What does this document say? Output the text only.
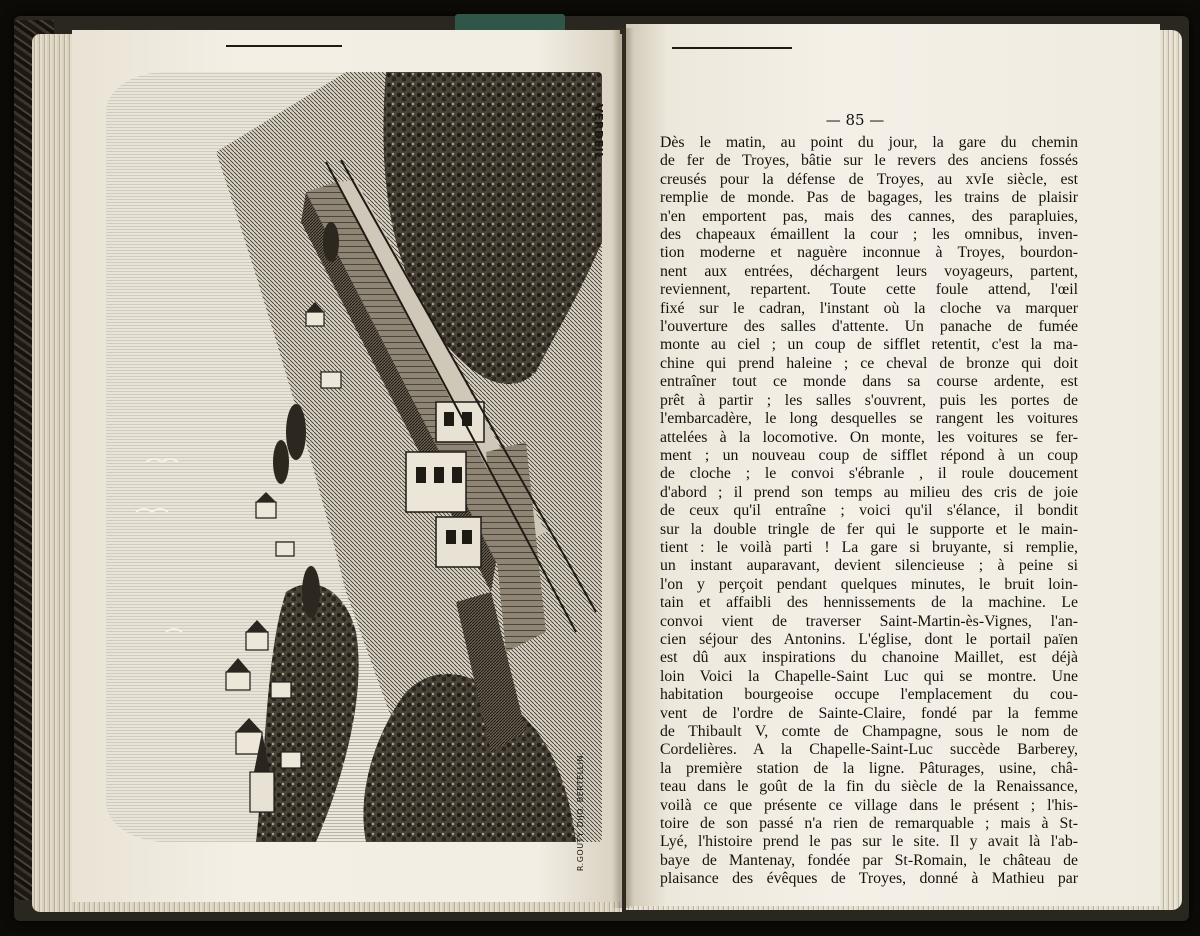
VERDEIL
R.GOUTY. DIJO. BERTELLIN.
— 85 —
Dès le matin, au point du jour, la gare du chemin
de fer de Troyes, bâtie sur le revers des anciens fossés
creusés pour la défense de Troyes, au xvIe siècle, est
remplie de monde. Pas de bagages, les trains de plaisir
n'en emportent pas, mais des cannes, des parapluies,
des chapeaux émaillent la cour ; les omnibus, inven-
tion moderne et naguère inconnue à Troyes, bourdon-
nent aux entrées, déchargent leurs voyageurs, partent,
reviennent, repartent. Toute cette foule attend, l'œil
fixé sur le cadran, l'instant où la cloche va marquer
l'ouverture des salles d'attente. Un panache de fumée
monte au ciel ; un coup de sifflet retentit, c'est la ma-
chine qui prend haleine ; ce cheval de bronze qui doit
entraîner tout ce monde dans sa course ardente, est
prêt à partir ; les salles s'ouvrent, puis les portes de
l'embarcadère, le long desquelles se rangent les voitures
attelées à la locomotive. On monte, les voitures se fer-
ment ; un nouveau coup de sifflet répond à un coup
de cloche ; le convoi s'ébranle , il roule doucement
d'abord ; il prend son temps au milieu des cris de joie
de ceux qu'il entraîne ; voici qu'il s'élance, il bondit
sur la double tringle de fer qui le supporte et le main-
tient : le voilà parti ! La gare si bruyante, si remplie,
un instant auparavant, devient silencieuse ; à peine si
l'on y perçoit pendant quelques minutes, le bruit loin-
tain et affaibli des hennissements de la machine. Le
convoi vient de traverser Saint-Martin-ès-Vignes, l'an-
cien séjour des Antonins. L'église, dont le portail païen
est dû aux inspirations du chanoine Maillet, est déjà
loin Voici la Chapelle-Saint Luc qui se montre. Une
habitation bourgeoise occupe l'emplacement du cou-
vent de l'ordre de Sainte-Claire, fondé par la femme
de Thibault V, comte de Champagne, sous le nom de
Cordelières. A la Chapelle-Saint-Luc succède Barberey,
la première station de la ligne. Pâturages, usine, châ-
teau dans le goût de la fin du siècle de la Renaissance,
voilà ce que présente ce village dans le présent ; l'his-
toire de son passé n'a rien de remarquable ; mais à St-
Lyé, l'histoire prend le pas sur le site. Il y avait là l'ab-
baye de Mantenay, fondée par St-Romain, le château de
plaisance des évêques de Troyes, donné à Mathieu par
